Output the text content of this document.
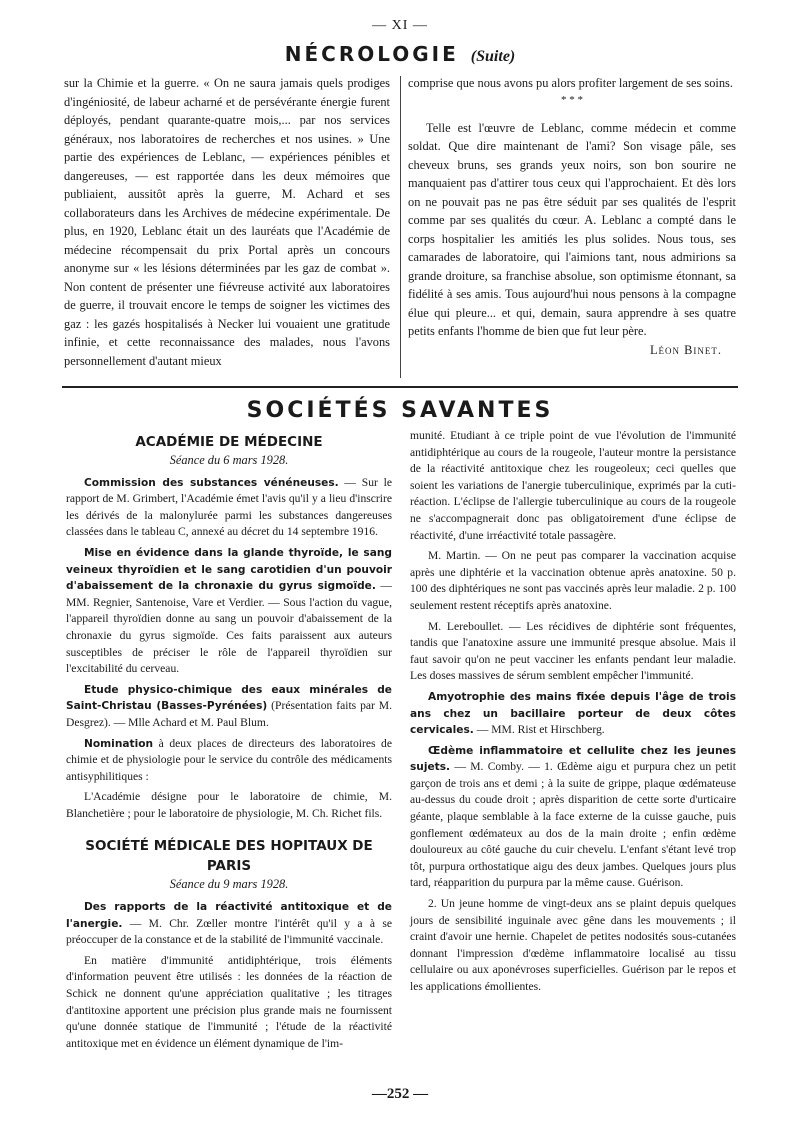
— XI —
NÉCROLOGIE (Suite)

sur la Chimie et la guerre. « On ne saura jamais quels prodiges d'ingéniosité, de labeur acharné et de persévérante énergie furent déployés, pendant quarante-quatre mois,... par nos services généraux, nos laboratoires de recherches et nos usines. » Une partie des expériences de Leblanc, — expériences pénibles et dangereuses, — est rapportée dans les deux mémoires que publiaient, aussitôt après la guerre, M. Achard et ses collaborateurs dans les Archives de médecine expérimentale. De plus, en 1920, Leblanc était un des lauréats que l'Académie de médecine récompensait du prix Portal après un concours anonyme sur « les lésions déterminées par les gaz de combat ». Non content de présenter une fiévreuse activité aux laboratoires de guerre, il trouvait encore le temps de soigner les victimes des gaz : les gazés hospitalisés à Necker lui vouaient une gratitude infinie, et cette reconnaissance des malades, nous l'avons personnellement d'autant mieux

comprise que nous avons pu alors profiter largement de ses soins.

* * *

Telle est l'œuvre de Leblanc, comme médecin et comme soldat. Que dire maintenant de l'ami? Son visage pâle, ses cheveux bruns, ses grands yeux noirs, son bon sourire ne manquaient pas d'attirer tous ceux qui l'approchaient. Et dès lors on ne pouvait pas ne pas être séduit par ses qualités de l'esprit comme par ses qualités du cœur. A. Leblanc a compté dans le corps hospitalier les amitiés les plus solides. Nous tous, ses camarades de laboratoire, qui l'aimions tant, nous admirions sa grande droiture, sa franchise absolue, son optimisme étonnant, sa fidélité à ses amis. Tous aujourd'hui nous pensons à la compagne élue qui pleure... et qui, demain, saura apprendre à ses quatre petits enfants l'homme de bien que fut leur père.

Léon Binet.

SOCIÉTÉS SAVANTES
ACADÉMIE DE MÉDECINE
Séance du 6 mars 1928.

Commission des substances vénéneuses. — Sur le rapport de M. Grimbert, l'Académie émet l'avis qu'il y a lieu d'inscrire les dérivés de la malonylurée parmi les substances dangereuses classées dans le tableau C, annexé au décret du 14 septembre 1916.

Mise en évidence dans la glande thyroïde, le sang veineux thyroïdien et le sang carotidien d'un pouvoir d'abaissement de la chronaxie du gyrus sigmoïde. — MM. Regnier, Santenoise, Vare et Verdier. — Sous l'action du vague, l'appareil thyroïdien donne au sang un pouvoir d'abaissement de la chronaxie du gyrus sigmoïde. Ces faits paraissent aux auteurs susceptibles de préciser le rôle de l'appareil thyroïdien sur l'excitabilité du cerveau.

Etude physico-chimique des eaux minérales de Saint-Christau (Basses-Pyrénées) (Présentation faits par M. Desgrez). — Mlle Achard et M. Paul Blum.

Nomination à deux places de directeurs des laboratoires de chimie et de physiologie pour le service du contrôle des médicaments antisyphilitiques :

L'Académie désigne pour le laboratoire de chimie, M. Blanchetière ; pour le laboratoire de physiologie, M. Ch. Richet fils.

SOCIÉTÉ MÉDICALE DES HOPITAUX DE PARIS
Séance du 9 mars 1928.

Des rapports de la réactivité antitoxique et de l'anergie. — M. Chr. Zœller montre l'intérêt qu'il y a à se préoccuper de la constance et de la stabilité de l'immunité vaccinale.

En matière d'immunité antidiphtérique, trois éléments d'information peuvent être utilisés : les données de la réaction de Schick ne donnent qu'une appréciation qualitative ; les titrages d'antitoxine apportent une précision plus grande mais ne fournissent qu'une donnée statique de l'immunité ; l'étude de la réactivité antitoxique met en évidence un élément dynamique de l'im-

munité. Etudiant à ce triple point de vue l'évolution de l'immunité antidiphtérique au cours de la rougeole, l'auteur montre la persistance de la réactivité antitoxique chez les rougeoleux; ceci quelles que soient les variations de l'anergie tuberculinique, exprimés par la cuti-réaction. L'éclipse de l'allergie tuberculinique au cours de la rougeole ne s'accompagnerait donc pas obligatoirement d'une éclipse de réactivité, d'une irréactivité totale passagère.

M. Martin. — On ne peut pas comparer la vaccination acquise après une diphtérie et la vaccination obtenue après anatoxine. 50 p. 100 des diphtériques ne sont pas vaccinés après leur maladie. 2 p. 100 seulement restent réceptifs après anatoxine.

M. Lereboullet. — Les récidives de diphtérie sont fréquentes, tandis que l'anatoxine assure une immunité presque absolue. Mais il faut savoir qu'on ne peut vacciner les enfants pendant leur maladie. Les doses massives de sérum semblent empêcher l'immunité.

Amyotrophie des mains fixée depuis l'âge de trois ans chez un bacillaire porteur de deux côtes cervicales. — MM. Rist et Hirschberg.

Œdème inflammatoire et cellulite chez les jeunes sujets. — M. Comby. — 1. Œdème aigu et purpura chez un petit garçon de trois ans et demi ; à la suite de grippe, plaque œdémateuse au-dessus du coude droit ; après disparition de cette sorte d'urticaire géante, plaque semblable à la face externe de la cuisse gauche, puis gonflement œdémateux au dos de la main droite ; enfin œdème douloureux au côté gauche du cuir chevelu. L'enfant s'étant levé trop tôt, purpura orthostatique aigu des deux jambes. Quelques jours plus tard, réapparition du purpura par la même cause. Guérison.

2. Un jeune homme de vingt-deux ans se plaint depuis quelques jours de sensibilité inguinale avec gêne dans les mouvements ; il craint d'avoir une hernie. Chapelet de petites nodosités sous-cutanées donnant l'impression d'œdème inflammatoire localisé au tissu cellulaire ou aux aponévroses superficielles. Guérison par le repos et les applications émollientes.

—252 —
